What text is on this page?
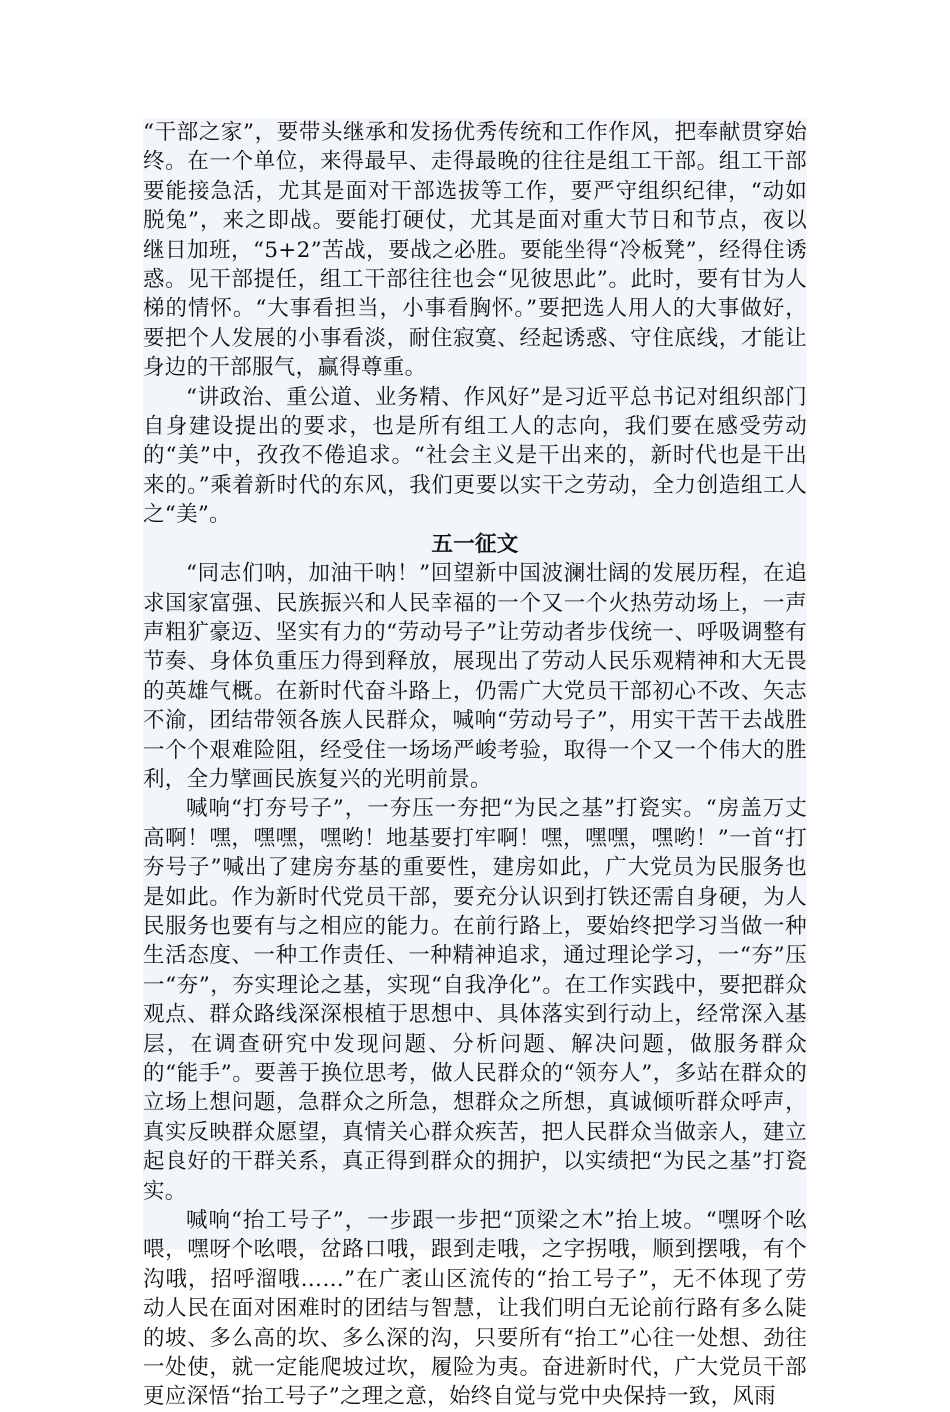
“干部之家”，要带头继承和发扬优秀传统和工作作风，把奉献贯穿始终。在一个单位，来得最早、走得最晚的往往是组工干部。组工干部要能接急活，尤其是面对干部选拔等工作，要严守组织纪律，“动如脱兔”，来之即战。要能打硬仗，尤其是面对重大节日和节点，夜以继日加班，“5+2”苦战，要战之必胜。要能坐得“冷板凳”，经得住诱惑。见干部提任，组工干部往往也会“见彼思此”。此时，要有甘为人梯的情怀。“大事看担当，小事看胸怀。”要把选人用人的大事做好，要把个人发展的小事看淡，耐住寂寞、经起诱惑、守住底线，才能让身边的干部服气，赢得尊重。

“讲政治、重公道、业务精、作风好”是习近平总书记对组织部门自身建设提出的要求，也是所有组工人的志向，我们要在感受劳动的“美”中，孜孜不倦追求。“社会主义是干出来的，新时代也是干出来的。”乘着新时代的东风，我们更要以实干之劳动，全力创造组工人之“美”。

五一征文

“同志们呐，加油干呐！”回望新中国波澜壮阔的发展历程，在追求国家富强、民族振兴和人民幸福的一个又一个火热劳动场上，一声声粗犷豪迈、坚实有力的“劳动号子”让劳动者步伐统一、呼吸调整有节奏、身体负重压力得到释放，展现出了劳动人民乐观精神和大无畏的英雄气概。在新时代奋斗路上，仍需广大党员干部初心不改、矢志不渝，团结带领各族人民群众，喊响“劳动号子”，用实干苦干去战胜一个个艰难险阻，经受住一场场严峻考验，取得一个又一个伟大的胜利，全力擘画民族复兴的光明前景。

喊响“打夯号子”，一夯压一夯把“为民之基”打瓷实。“房盖万丈高啊！嘿，嘿嘿，嘿哟！地基要打牢啊！嘿，嘿嘿，嘿哟！”一首“打夯号子”喊出了建房夯基的重要性，建房如此，广大党员为民服务也是如此。作为新时代党员干部，要充分认识到打铁还需自身硬，为人民服务也要有与之相应的能力。在前行路上，要始终把学习当做一种生活态度、一种工作责任、一种精神追求，通过理论学习，一“夯”压一“夯”，夯实理论之基，实现“自我净化”。在工作实践中，要把群众观点、群众路线深深根植于思想中、具体落实到行动上，经常深入基层，在调查研究中发现问题、分析问题、解决问题，做服务群众的“能手”。要善于换位思考，做人民群众的“领夯人”，多站在群众的立场上想问题，急群众之所急，想群众之所想，真诚倾听群众呼声，真实反映群众愿望，真情关心群众疾苦，把人民群众当做亲人，建立起良好的干群关系，真正得到群众的拥护，以实绩把“为民之基”打瓷实。

喊响“抬工号子”，一步跟一步把“顶梁之木”抬上坡。“嘿呀个吆喂，嘿呀个吆喂，岔路口哦，跟到走哦，之字拐哦，顺到摆哦，有个沟哦，招呼溜哦……”在广袤山区流传的“抬工号子”，无不体现了劳动人民在面对困难时的团结与智慧，让我们明白无论前行路有多么陡的坡、多么高的坎、多么深的沟，只要所有“抬工”心往一处想、劲往一处使，就一定能爬坡过坎，履险为夷。奋进新时代，广大党员干部更应深悟“抬工号子”之理之意，始终自觉与党中央保持一致，风雨
